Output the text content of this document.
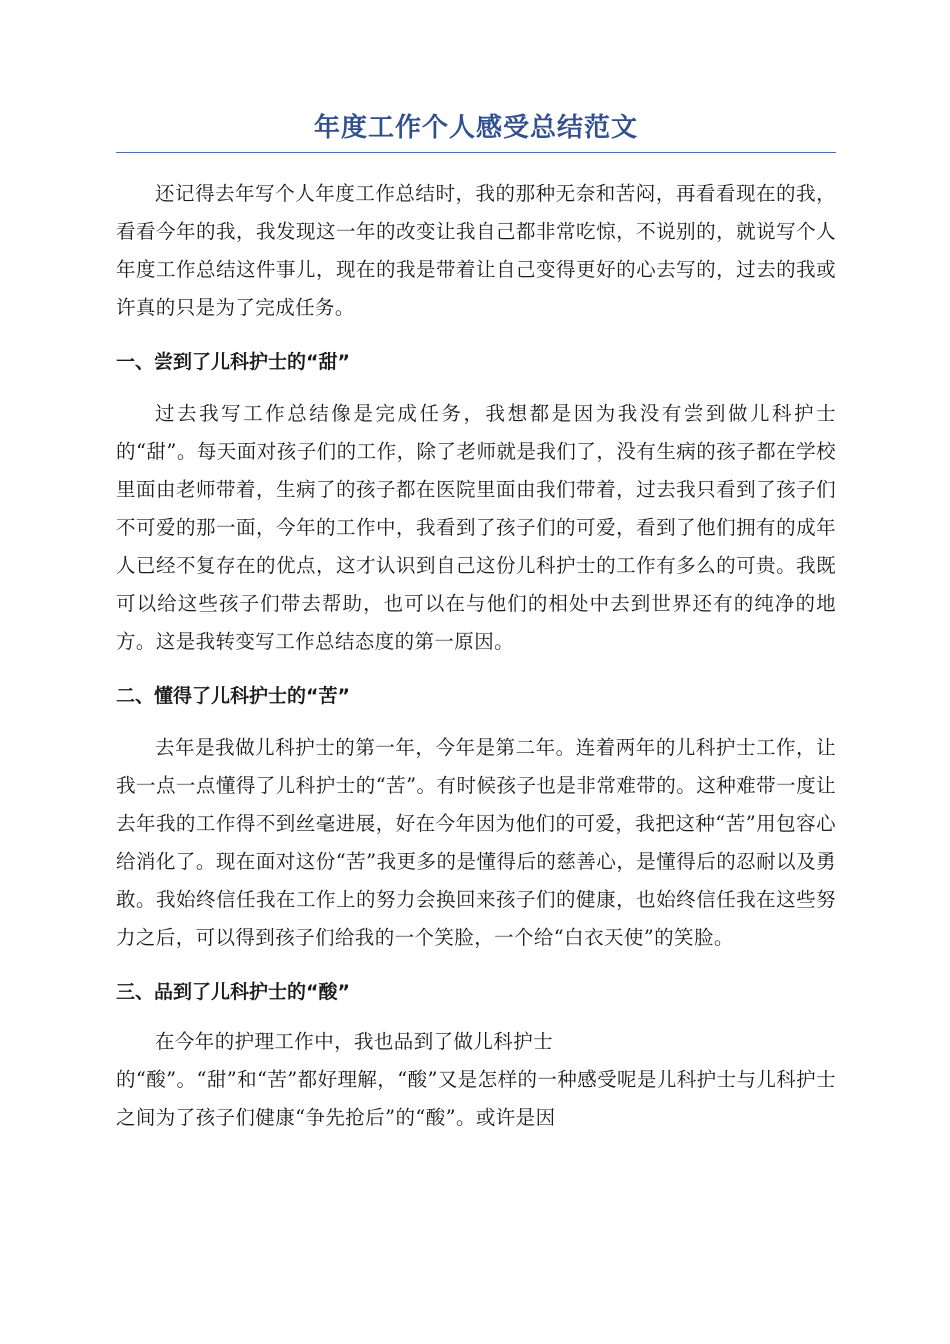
年度工作个人感受总结范文

还记得去年写个人年度工作总结时，我的那种无奈和苦闷，再看看现在的我，看看今年的我，我发现这一年的改变让我自己都非常吃惊，不说别的，就说写个人年度工作总结这件事儿，现在的我是带着让自己变得更好的心去写的，过去的我或许真的只是为了完成任务。

一、尝到了儿科护士的“甜”

过去我写工作总结像是完成任务，我想都是因为我没有尝到做儿科护士的“甜”。每天面对孩子们的工作，除了老师就是我们了，没有生病的孩子都在学校里面由老师带着，生病了的孩子都在医院里面由我们带着，过去我只看到了孩子们不可爱的那一面，今年的工作中，我看到了孩子们的可爱，看到了他们拥有的成年人已经不复存在的优点，这才认识到自己这份儿科护士的工作有多么的可贵。我既可以给这些孩子们带去帮助，也可以在与他们的相处中去到世界还有的纯净的地方。这是我转变写工作总结态度的第一原因。

二、懂得了儿科护士的“苦”

去年是我做儿科护士的第一年，今年是第二年。连着两年的儿科护士工作，让我一点一点懂得了儿科护士的“苦”。有时候孩子也是非常难带的。这种难带一度让去年我的工作得不到丝毫进展，好在今年因为他们的可爱，我把这种“苦”用包容心给消化了。现在面对这份“苦”我更多的是懂得后的慈善心，是懂得后的忍耐以及勇敢。我始终信任我在工作上的努力会换回来孩子们的健康，也始终信任我在这些努力之后，可以得到孩子们给我的一个笑脸，一个给“白衣天使”的笑脸。

三、品到了儿科护士的“酸”
在今年的护理工作中，我也品到了做儿科护士
的“酸”。“甜”和“苦”都好理解，“酸”又是怎样的一种感受呢是儿科护士与儿科护士之间为了孩子们健康“争先抢后”的“酸”。或许是因
